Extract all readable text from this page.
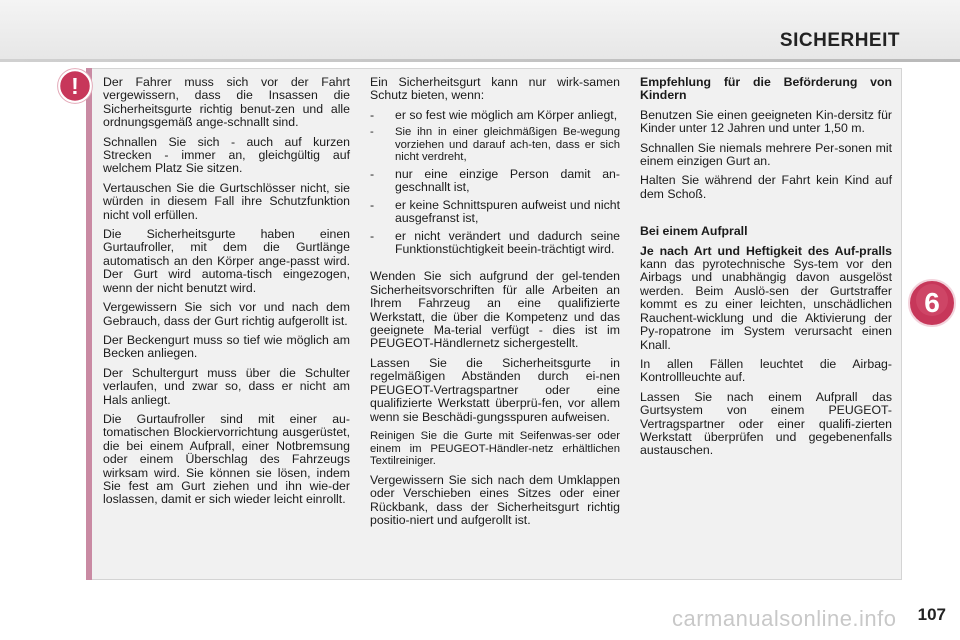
SICHERHEIT
! Der Fahrer muss sich vor der Fahrt vergewissern, dass die Insassen die Sicherheitsgurte richtig benut-zen und alle ordnungsgemäß ange-schnallt sind.

Schnallen Sie sich - auch auf kurzen Strecken - immer an, gleichgültig auf welchem Platz Sie sitzen.

Vertauschen Sie die Gurtschlösser nicht, sie würden in diesem Fall ihre Schutzfunktion nicht voll erfüllen.

Die Sicherheitsgurte haben einen Gurtaufroller, mit dem die Gurtlänge automatisch an den Körper ange-passt wird. Der Gurt wird automa-tisch eingezogen, wenn der nicht benutzt wird.

Vergewissern Sie sich vor und nach dem Gebrauch, dass der Gurt richtig aufgerollt ist.

Der Beckengurt muss so tief wie möglich am Becken anliegen.

Der Schultergurt muss über die Schulter verlaufen, und zwar so, dass er nicht am Hals anliegt.

Die Gurtaufroller sind mit einer au-tomatischen Blockiervorrichtung ausgerüstet, die bei einem Aufprall, einer Notbremsung oder einem Überschlag des Fahrzeugs wirksam wird. Sie können sie lösen, indem Sie fest am Gurt ziehen und ihn wie-der loslassen, damit er sich wieder leicht einrollt.

Ein Sicherheitsgurt kann nur wirk-samen Schutz bieten, wenn:

- er so fest wie möglich am Körper anliegt,
- Sie ihn in einer gleichmäßigen Be-wegung vorziehen und darauf ach-ten, dass er sich nicht verdreht,
- nur eine einzige Person damit an-geschnallt ist,
- er keine Schnittspuren aufweist und nicht ausgefranst ist,
- er nicht verändert und dadurch seine Funktionstüchtigkeit beein-trächtigt wird.

Wenden Sie sich aufgrund der gel-tenden Sicherheitsvorschriften für alle Arbeiten an Ihrem Fahrzeug an eine qualifizierte Werkstatt, die über die Kompetenz und das geeignete Ma-terial verfügt - dies ist im PEUGEOT-Händlernetz sichergestellt.

Lassen Sie die Sicherheitsgurte in regelmäßigen Abständen durch ei-nen PEUGEOT-Vertragspartner oder eine qualifizierte Werkstatt überprü-fen, vor allem wenn sie Beschädi-gungsspuren aufweisen.

Reinigen Sie die Gurte mit Seifenwas-ser oder einem im PEUGEOT-Händler-netz erhältlichen Textilreiniger.

Vergewissern Sie sich nach dem Umklappen oder Verschieben eines Sitzes oder einer Rückbank, dass der Sicherheitsgurt richtig positio-niert und aufgerollt ist.

Empfehlung für die Beförderung von Kindern

Benutzen Sie einen geeigneten Kin-dersitz für Kinder unter 12 Jahren und unter 1,50 m.

Schnallen Sie niemals mehrere Per-sonen mit einem einzigen Gurt an.

Halten Sie während der Fahrt kein Kind auf dem Schoß.

Bei einem Aufprall

Je nach Art und Heftigkeit des Auf-pralls kann das pyrotechnische Sys-tem vor den Airbags und unabhängig davon ausgelöst werden. Beim Auslö-sen der Gurtstraffer kommt es zu einer leichten, unschädlichen Rauchent-wicklung und die Aktivierung der Py-ropatrone im System verursacht einen Knall.

In allen Fällen leuchtet die Airbag-Kontrollleuchte auf.

Lassen Sie nach einem Aufprall das Gurtsystem von einem PEUGEOT-Vertragspartner oder einer qualifi-zierten Werkstatt überprüfen und gegebenenfalls austauschen.

6
107
carmanualsonline.info
